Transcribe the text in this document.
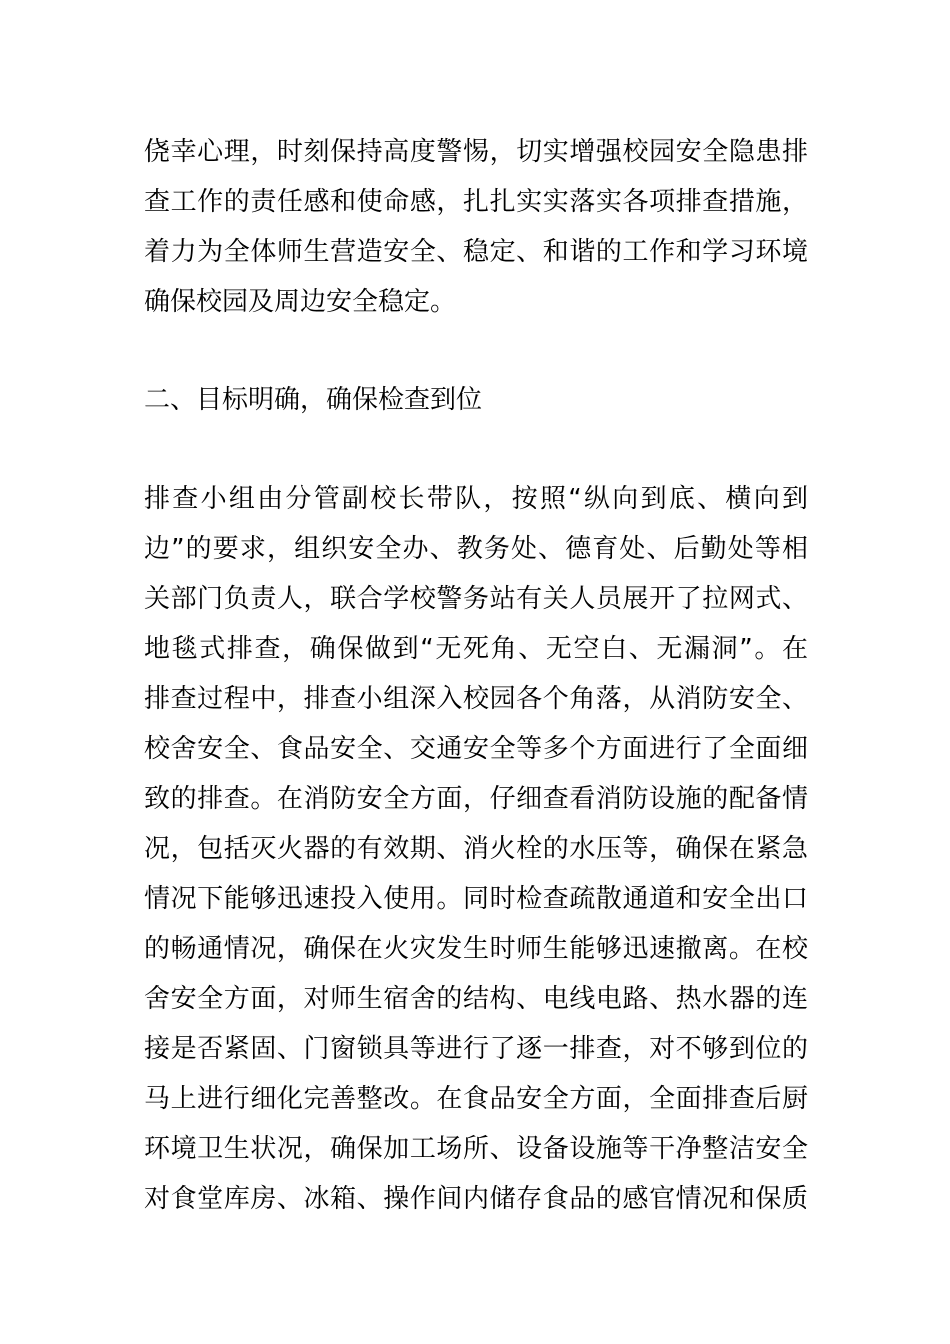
侥幸心理，时刻保持高度警惕，切实增强校园安全隐患排
查工作的责任感和使命感，扎扎实实落实各项排查措施，
着力为全体师生营造安全、稳定、和谐的工作和学习环境
确保校园及周边安全稳定。
二、目标明确，确保检查到位
排查小组由分管副校长带队，按照“纵向到底、横向到
边”的要求，组织安全办、教务处、德育处、后勤处等相
关部门负责人，联合学校警务站有关人员展开了拉网式、
地毯式排查，确保做到“无死角、无空白、无漏洞”。在
排查过程中，排查小组深入校园各个角落，从消防安全、
校舍安全、食品安全、交通安全等多个方面进行了全面细
致的排查。在消防安全方面，仔细查看消防设施的配备情
况，包括灭火器的有效期、消火栓的水压等，确保在紧急
情况下能够迅速投入使用。同时检查疏散通道和安全出口
的畅通情况，确保在火灾发生时师生能够迅速撤离。在校
舍安全方面，对师生宿舍的结构、电线电路、热水器的连
接是否紧固、门窗锁具等进行了逐一排查，对不够到位的
马上进行细化完善整改。在食品安全方面，全面排查后厨
环境卫生状况，确保加工场所、设备设施等干净整洁安全
对食堂库房、冰箱、操作间内储存食品的感官情况和保质
